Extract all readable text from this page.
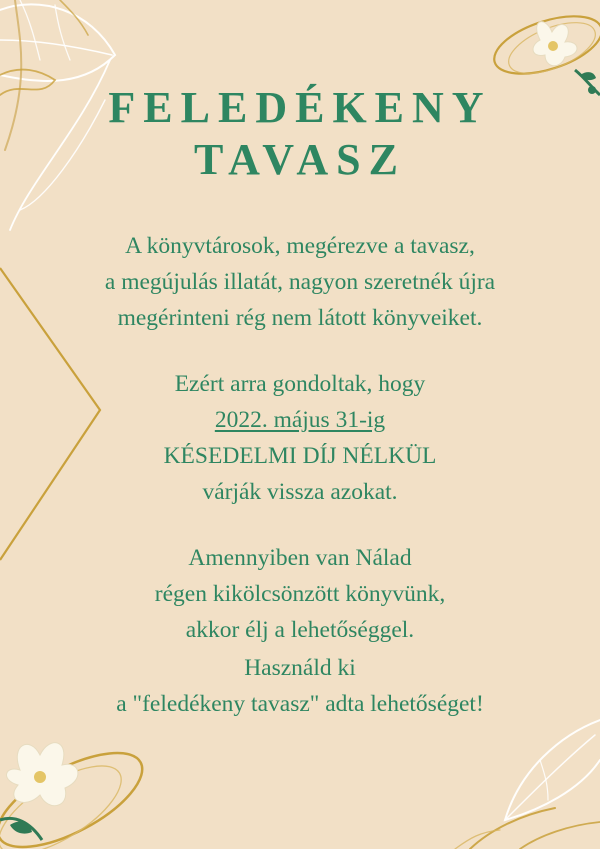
FELEDÉKENY
TAVASZ
A könyvtárosok, megérezve a tavasz,
a megújulás illatát, nagyon szeretnék újra
megérinteni rég nem látott könyveiket.
Ezért arra gondoltak, hogy
2022. május 31-ig
KÉSEDELMI DÍJ NÉLKÜL
várják vissza azokat.
Amennyiben van Nálad
régen kikölcsönzött könyvünk,
akkor élj a lehetőséggel.
Használd ki
a "feledékeny tavasz" adta lehetőséget!
